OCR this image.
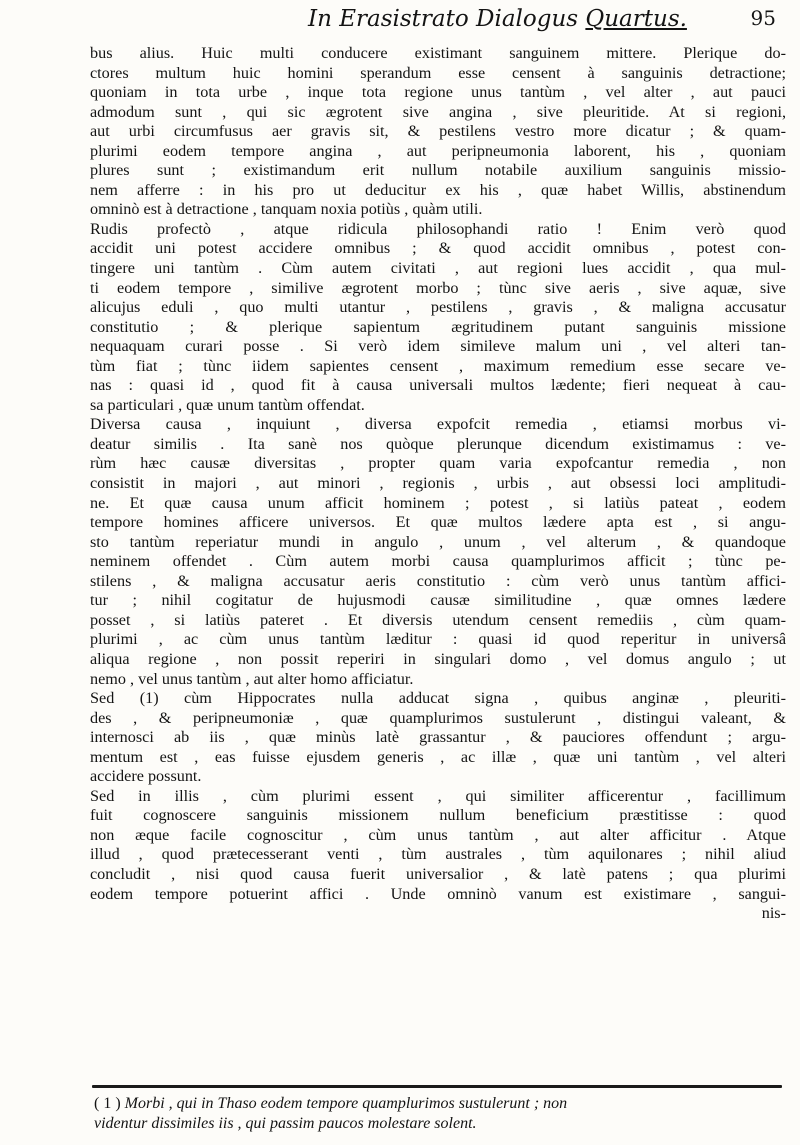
In Erasistrato Dialogus Quartus.	95
bus alius. Huic multi conducere existimant sanguinem mittere. Plerique do-
ctores multum huic homini sperandum esse censent à sanguinis detractione;
quoniam in tota urbe , inque tota regione unus tantùm , vel alter , aut pauci
admodum sunt , qui sic ægrotent sive angina , sive pleuritide. At si regioni,
aut urbi circumfusus aer gravis sit, & pestilens vestro more dicatur ; & quam-
plurimi eodem tempore angina , aut peripneumonia laborent, his , quoniam
plures sunt ; existimandum erit nullum notabile auxilium sanguinis missio-
nem afferre : in his pro ut deducitur ex his , quæ habet Willis, abstinendum
omninò est à detractione , tanquam noxia potiùs , quàm utili.
Rudis profectò , atque ridicula philosophandi ratio ! Enim verò quod
accidit uni potest accidere omnibus ; & quod accidit omnibus , potest con-
tingere uni tantùm . Cùm autem civitati , aut regioni lues accidit , qua mul-
ti eodem tempore , similive ægrotent morbo ; tùnc sive aeris , sive aquæ, sive
alicujus eduli , quo multi utantur , pestilens , gravis , & maligna accusatur
constitutio ; & plerique sapientum ægritudinem putant sanguinis missione
nequaquam curari posse . Si verò idem simileve malum uni , vel alteri tan-
tùm fiat ; tùnc iidem sapientes censent , maximum remedium esse secare ve-
nas : quasi id , quod fit à causa universali multos lædente; fieri nequeat à cau-
sa particulari , quæ unum tantùm offendat.
Diversa causa , inquiunt , diversa expofcit remedia , etiamsi morbus vi-
deatur similis . Ita sanè nos quòque plerunque dicendum existimamus : ve-
rùm hæc causæ diversitas , propter quam varia expofcantur remedia , non
consistit in majori , aut minori , regionis , urbis , aut obsessi loci amplitudi-
ne. Et quæ causa unum afficit hominem ; potest , si latiùs pateat , eodem
tempore homines afficere universos. Et quæ multos lædere apta est , si angu-
sto tantùm reperiatur mundi in angulo , unum , vel alterum , & quandoque
neminem offendet . Cùm autem morbi causa quamplurimos afficit ; tùnc pe-
stilens , & maligna accusatur aeris constitutio : cùm verò unus tantùm affici-
tur ; nihil cogitatur de hujusmodi causæ similitudine , quæ omnes lædere
posset , si latiùs pateret . Et diversis utendum censent remediis , cùm quam-
plurimi , ac cùm unus tantùm læditur : quasi id quod reperitur in universâ
aliqua regione , non possit reperiri in singulari domo , vel domus angulo ; ut
nemo , vel unus tantùm , aut alter homo afficiatur.
Sed (1) cùm Hippocrates nulla adducat signa , quibus anginæ , pleuriti-
des , & peripneumoniæ , quæ quamplurimos sustulerunt , distingui valeant, &
internosci ab iis , quæ minùs latè grassantur , & pauciores offendunt ; argu-
mentum est , eas fuisse ejusdem generis , ac illæ , quæ uni tantùm , vel alteri
accidere possunt.
Sed in illis , cùm plurimi essent , qui similiter afficerentur , facillimum
fuit cognoscere sanguinis missionem nullum beneficium præstitisse : quod
non æque facile cognoscitur , cùm unus tantùm , aut alter afficitur . Atque
illud , quod prætecesserant venti , tùm australes , tùm aquilonares ; nihil aliud
concludit , nisi quod causa fuerit universalior , & latè patens ; qua plurimi
eodem tempore potuerint affici . Unde omninò vanum est existimare , sangui-
nis-
( 1 ) Morbi , qui in Thaso eodem tempore quamplurimos sustulerunt ; non
videntur dissimiles iis , qui passim paucos molestare solent.
